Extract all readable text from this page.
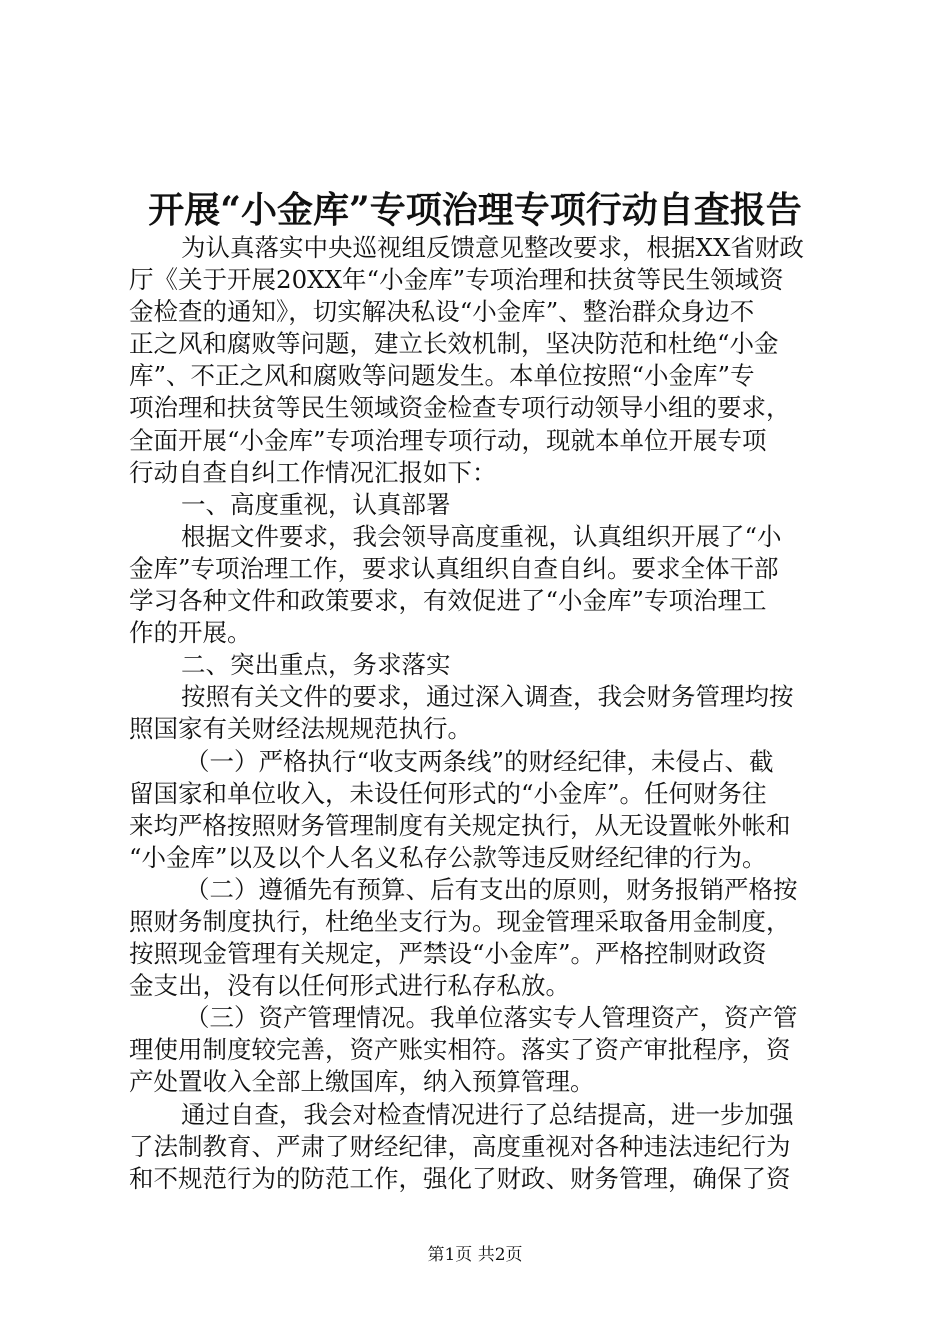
开展“小金库”专项治理专项行动自查报告
为认真落实中央巡视组反馈意见整改要求，根据XX省财政
厅《关于开展20XX年“小金库”专项治理和扶贫等民生领域资
金检查的通知》，切实解决私设“小金库”、整治群众身边不
正之风和腐败等问题，建立长效机制，坚决防范和杜绝“小金
库”、不正之风和腐败等问题发生。本单位按照“小金库”专
项治理和扶贫等民生领域资金检查专项行动领导小组的要求，
全面开展“小金库”专项治理专项行动，现就本单位开展专项
行动自查自纠工作情况汇报如下：
一、高度重视，认真部署
根据文件要求，我会领导高度重视，认真组织开展了“小
金库”专项治理工作，要求认真组织自查自纠。要求全体干部
学习各种文件和政策要求，有效促进了“小金库”专项治理工
作的开展。
二、突出重点，务求落实
按照有关文件的要求，通过深入调查，我会财务管理均按
照国家有关财经法规规范执行。
（一）严格执行“收支两条线”的财经纪律，未侵占、截
留国家和单位收入，未设任何形式的“小金库”。任何财务往
来均严格按照财务管理制度有关规定执行，从无设置帐外帐和
“小金库”以及以个人名义私存公款等违反财经纪律的行为。
（二）遵循先有预算、后有支出的原则，财务报销严格按
照财务制度执行，杜绝坐支行为。现金管理采取备用金制度，
按照现金管理有关规定，严禁设“小金库”。严格控制财政资
金支出，没有以任何形式进行私存私放。
（三）资产管理情况。我单位落实专人管理资产，资产管
理使用制度较完善，资产账实相符。落实了资产审批程序，资
产处置收入全部上缴国库，纳入预算管理。
通过自查，我会对检查情况进行了总结提高，进一步加强
了法制教育、严肃了财经纪律，高度重视对各种违法违纪行为
和不规范行为的防范工作，强化了财政、财务管理，确保了资
第1页 共2页
